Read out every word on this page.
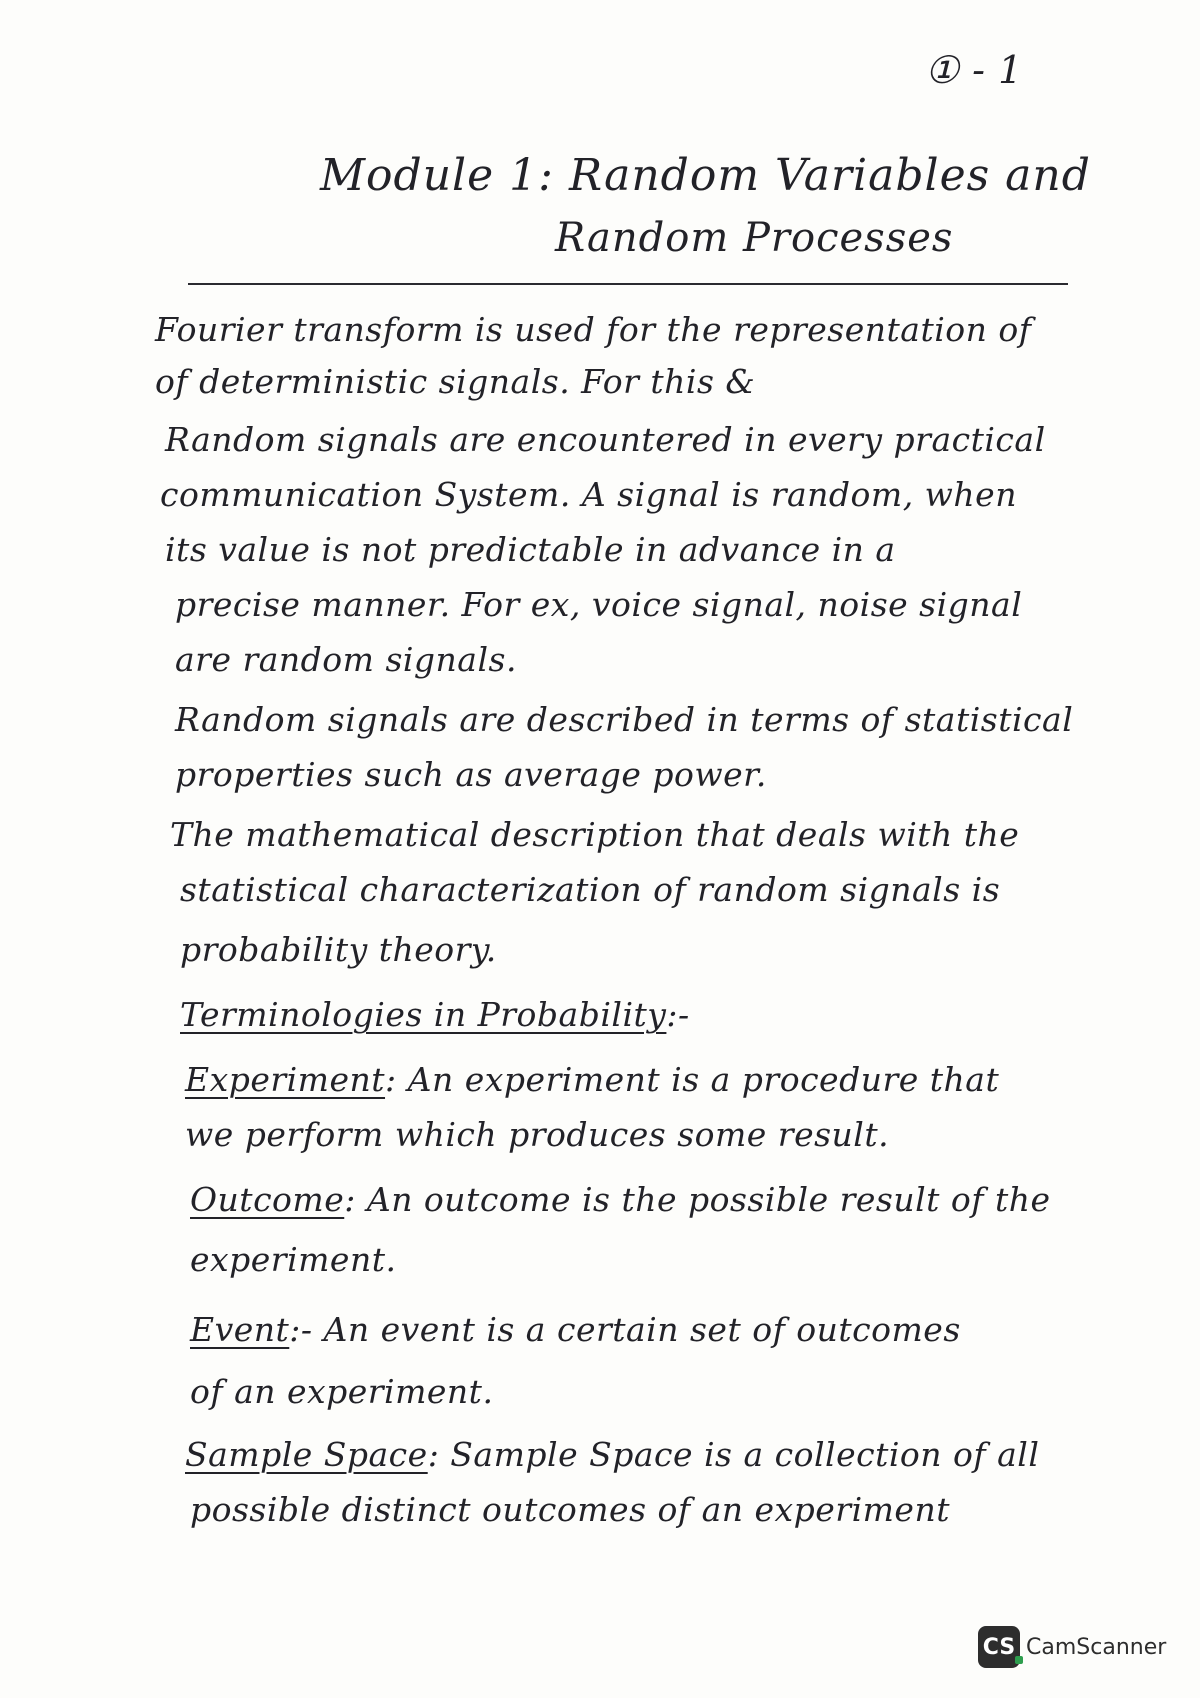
① - 1
Module 1: Random Variables and
Random Processes
Fourier transform is used for the representation of
of deterministic signals. For this &
Random signals are encountered in every practical
communication System. A signal is random, when
its value is not predictable in advance in a
precise manner. For ex, voice signal, noise signal
are random signals.
Random signals are described in terms of statistical
properties such as average power.
The mathematical description that deals with the
statistical characterization of random signals is
probability theory.
Terminologies in Probability:-
Experiment: An experiment is a procedure that
we perform which produces some result.
Outcome: An outcome is the possible result of the
experiment.
Event:- An event is a certain set of outcomes
of an experiment.
Sample Space: Sample Space is a collection of all
possible distinct outcomes of an experiment
CS CamScanner
